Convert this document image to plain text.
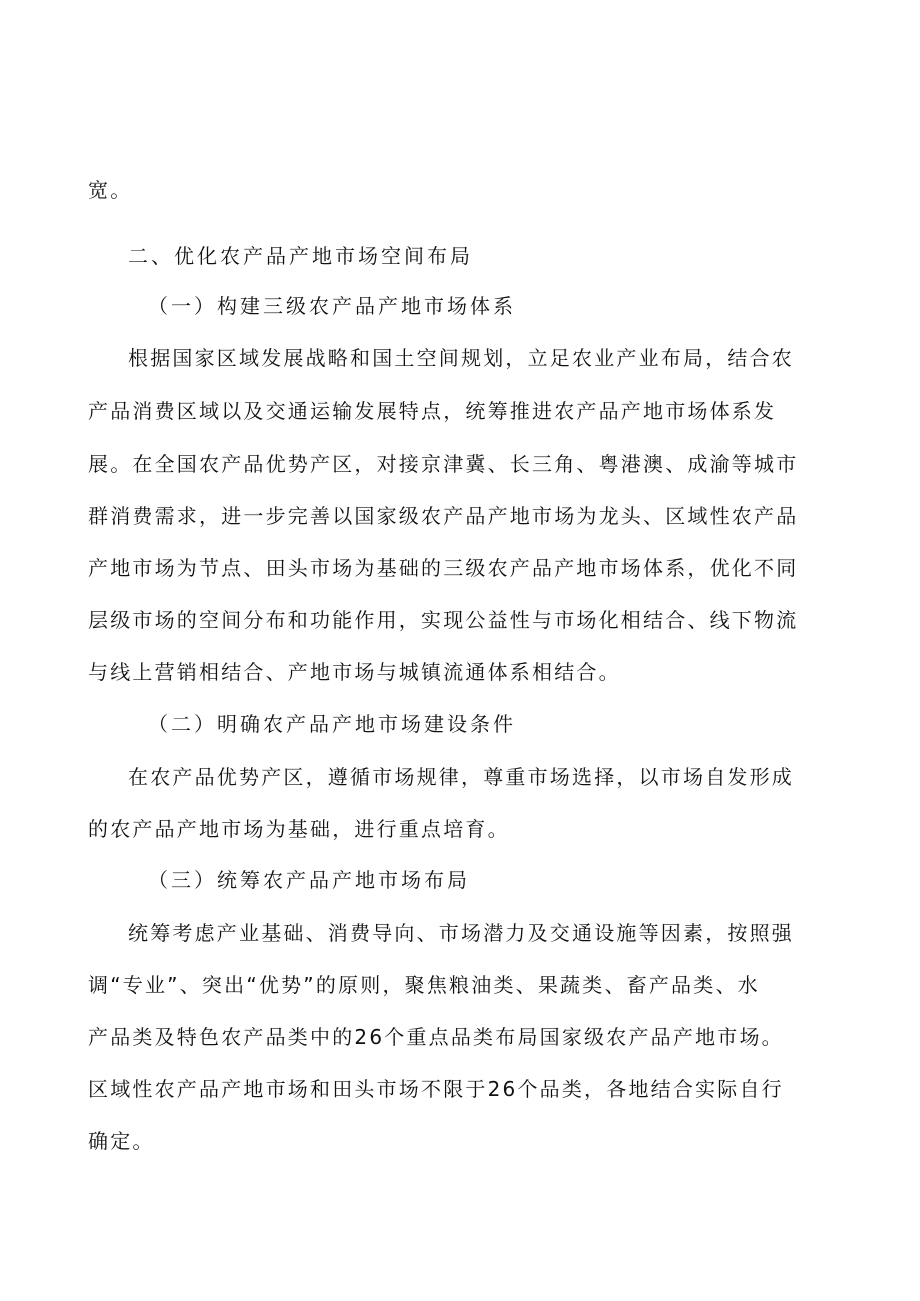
宽。

二、优化农产品产地市场空间布局

（一）构建三级农产品产地市场体系

根据国家区域发展战略和国土空间规划，立足农业产业布局，结合农

产品消费区域以及交通运输发展特点，统筹推进农产品产地市场体系发

展。在全国农产品优势产区，对接京津冀、长三角、粤港澳、成渝等城市

群消费需求，进一步完善以国家级农产品产地市场为龙头、区域性农产品

产地市场为节点、田头市场为基础的三级农产品产地市场体系，优化不同

层级市场的空间分布和功能作用，实现公益性与市场化相结合、线下物流

与线上营销相结合、产地市场与城镇流通体系相结合。

（二）明确农产品产地市场建设条件

在农产品优势产区，遵循市场规律，尊重市场选择，以市场自发形成

的农产品产地市场为基础，进行重点培育。

（三）统筹农产品产地市场布局

统筹考虑产业基础、消费导向、市场潜力及交通设施等因素，按照强

调“专业”、突出“优势”的原则，聚焦粮油类、果蔬类、畜产品类、水

产品类及特色农产品类中的26个重点品类布局国家级农产品产地市场。

区域性农产品产地市场和田头市场不限于26个品类，各地结合实际自行

确定。
